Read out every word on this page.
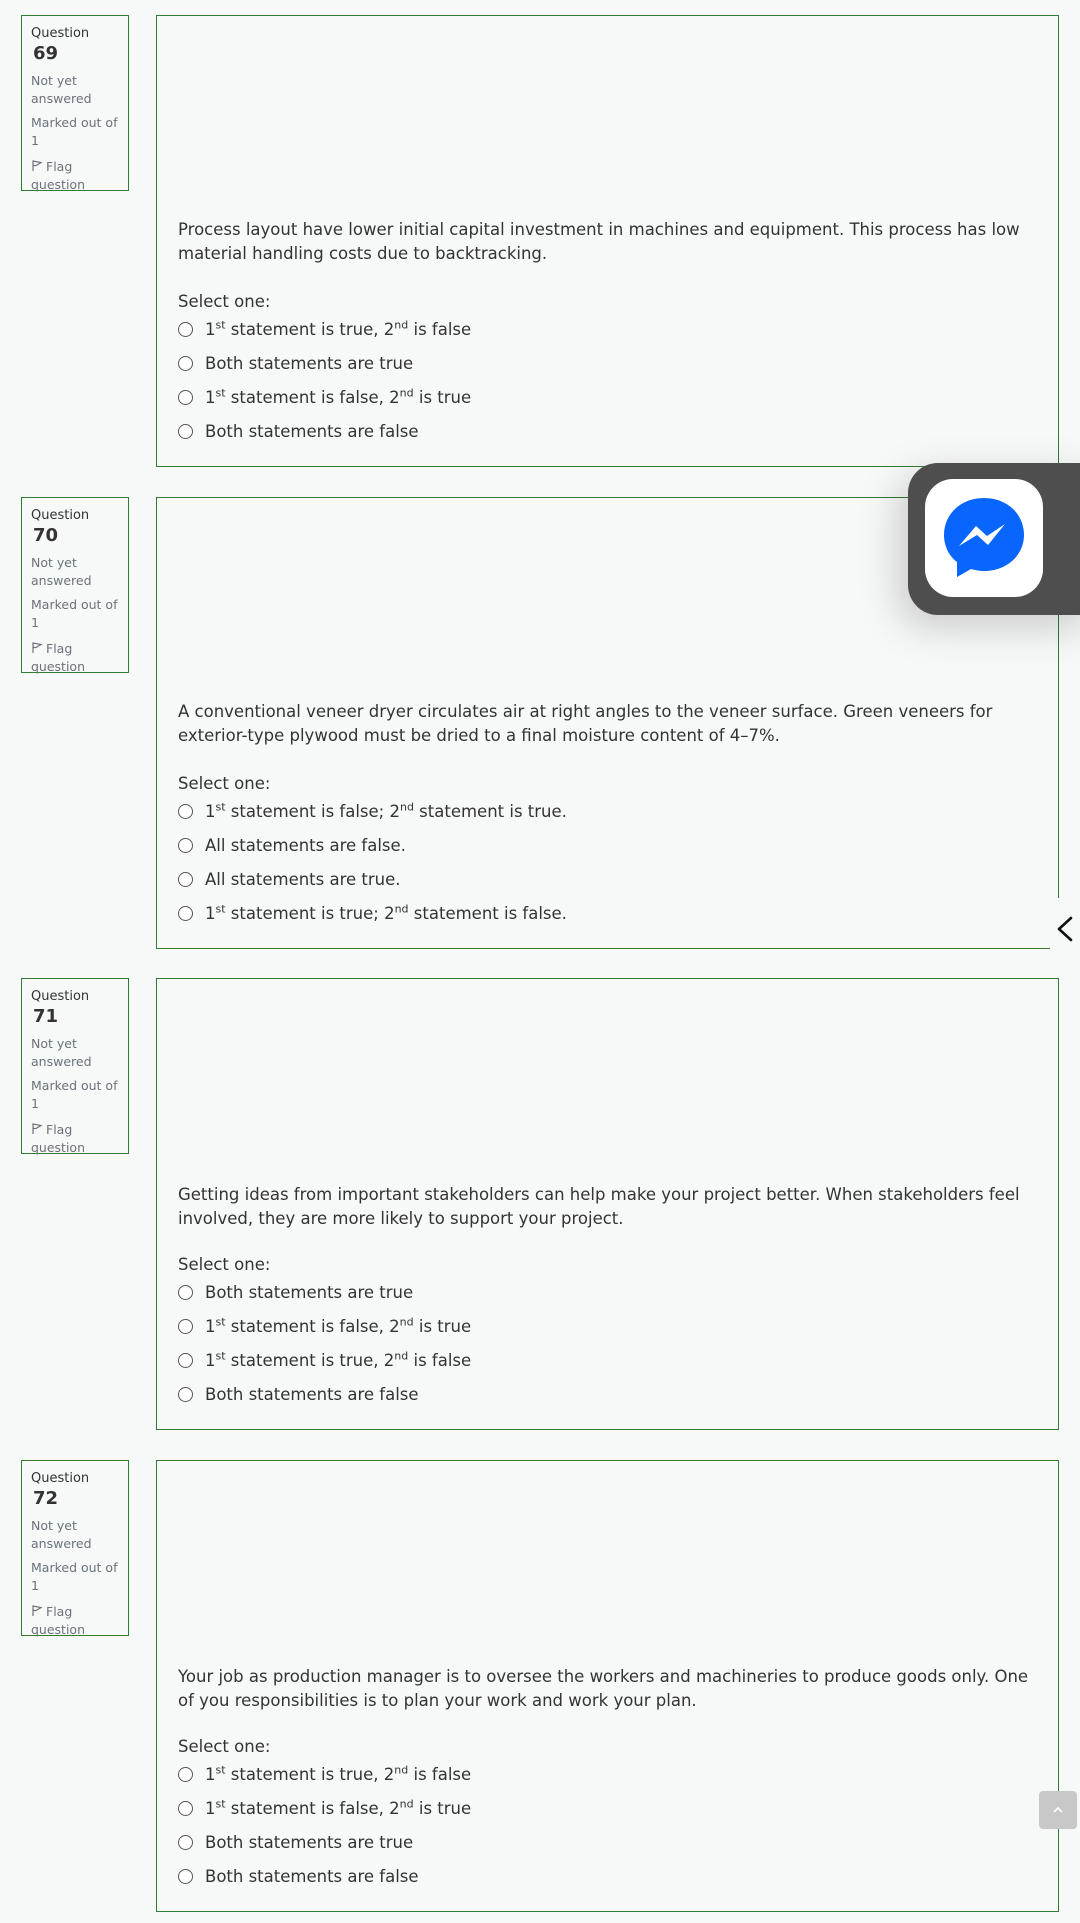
Question 69
Not yet answered
Marked out of 1
Flag question
Process layout have lower initial capital investment in machines and equipment. This process has low material handling costs due to backtracking.
Select one:
1st statement is true, 2nd is false
Both statements are true
1st statement is false, 2nd is true
Both statements are false
Question 70
Not yet answered
Marked out of 1
Flag question
A conventional veneer dryer circulates air at right angles to the veneer surface. Green veneers for exterior-type plywood must be dried to a final moisture content of 4–7%.
Select one:
1st statement is false; 2nd statement is true.
All statements are false.
All statements are true.
1st statement is true; 2nd statement is false.
Question 71
Not yet answered
Marked out of 1
Flag question
Getting ideas from important stakeholders can help make your project better. When stakeholders feel involved, they are more likely to support your project.
Select one:
Both statements are true
1st statement is false, 2nd is true
1st statement is true, 2nd is false
Both statements are false
Question 72
Not yet answered
Marked out of 1
Flag question
Your job as production manager is to oversee the workers and machineries to produce goods only. One of you responsibilities is to plan your work and work your plan.
Select one:
1st statement is true, 2nd is false
1st statement is false, 2nd is true
Both statements are true
Both statements are false
